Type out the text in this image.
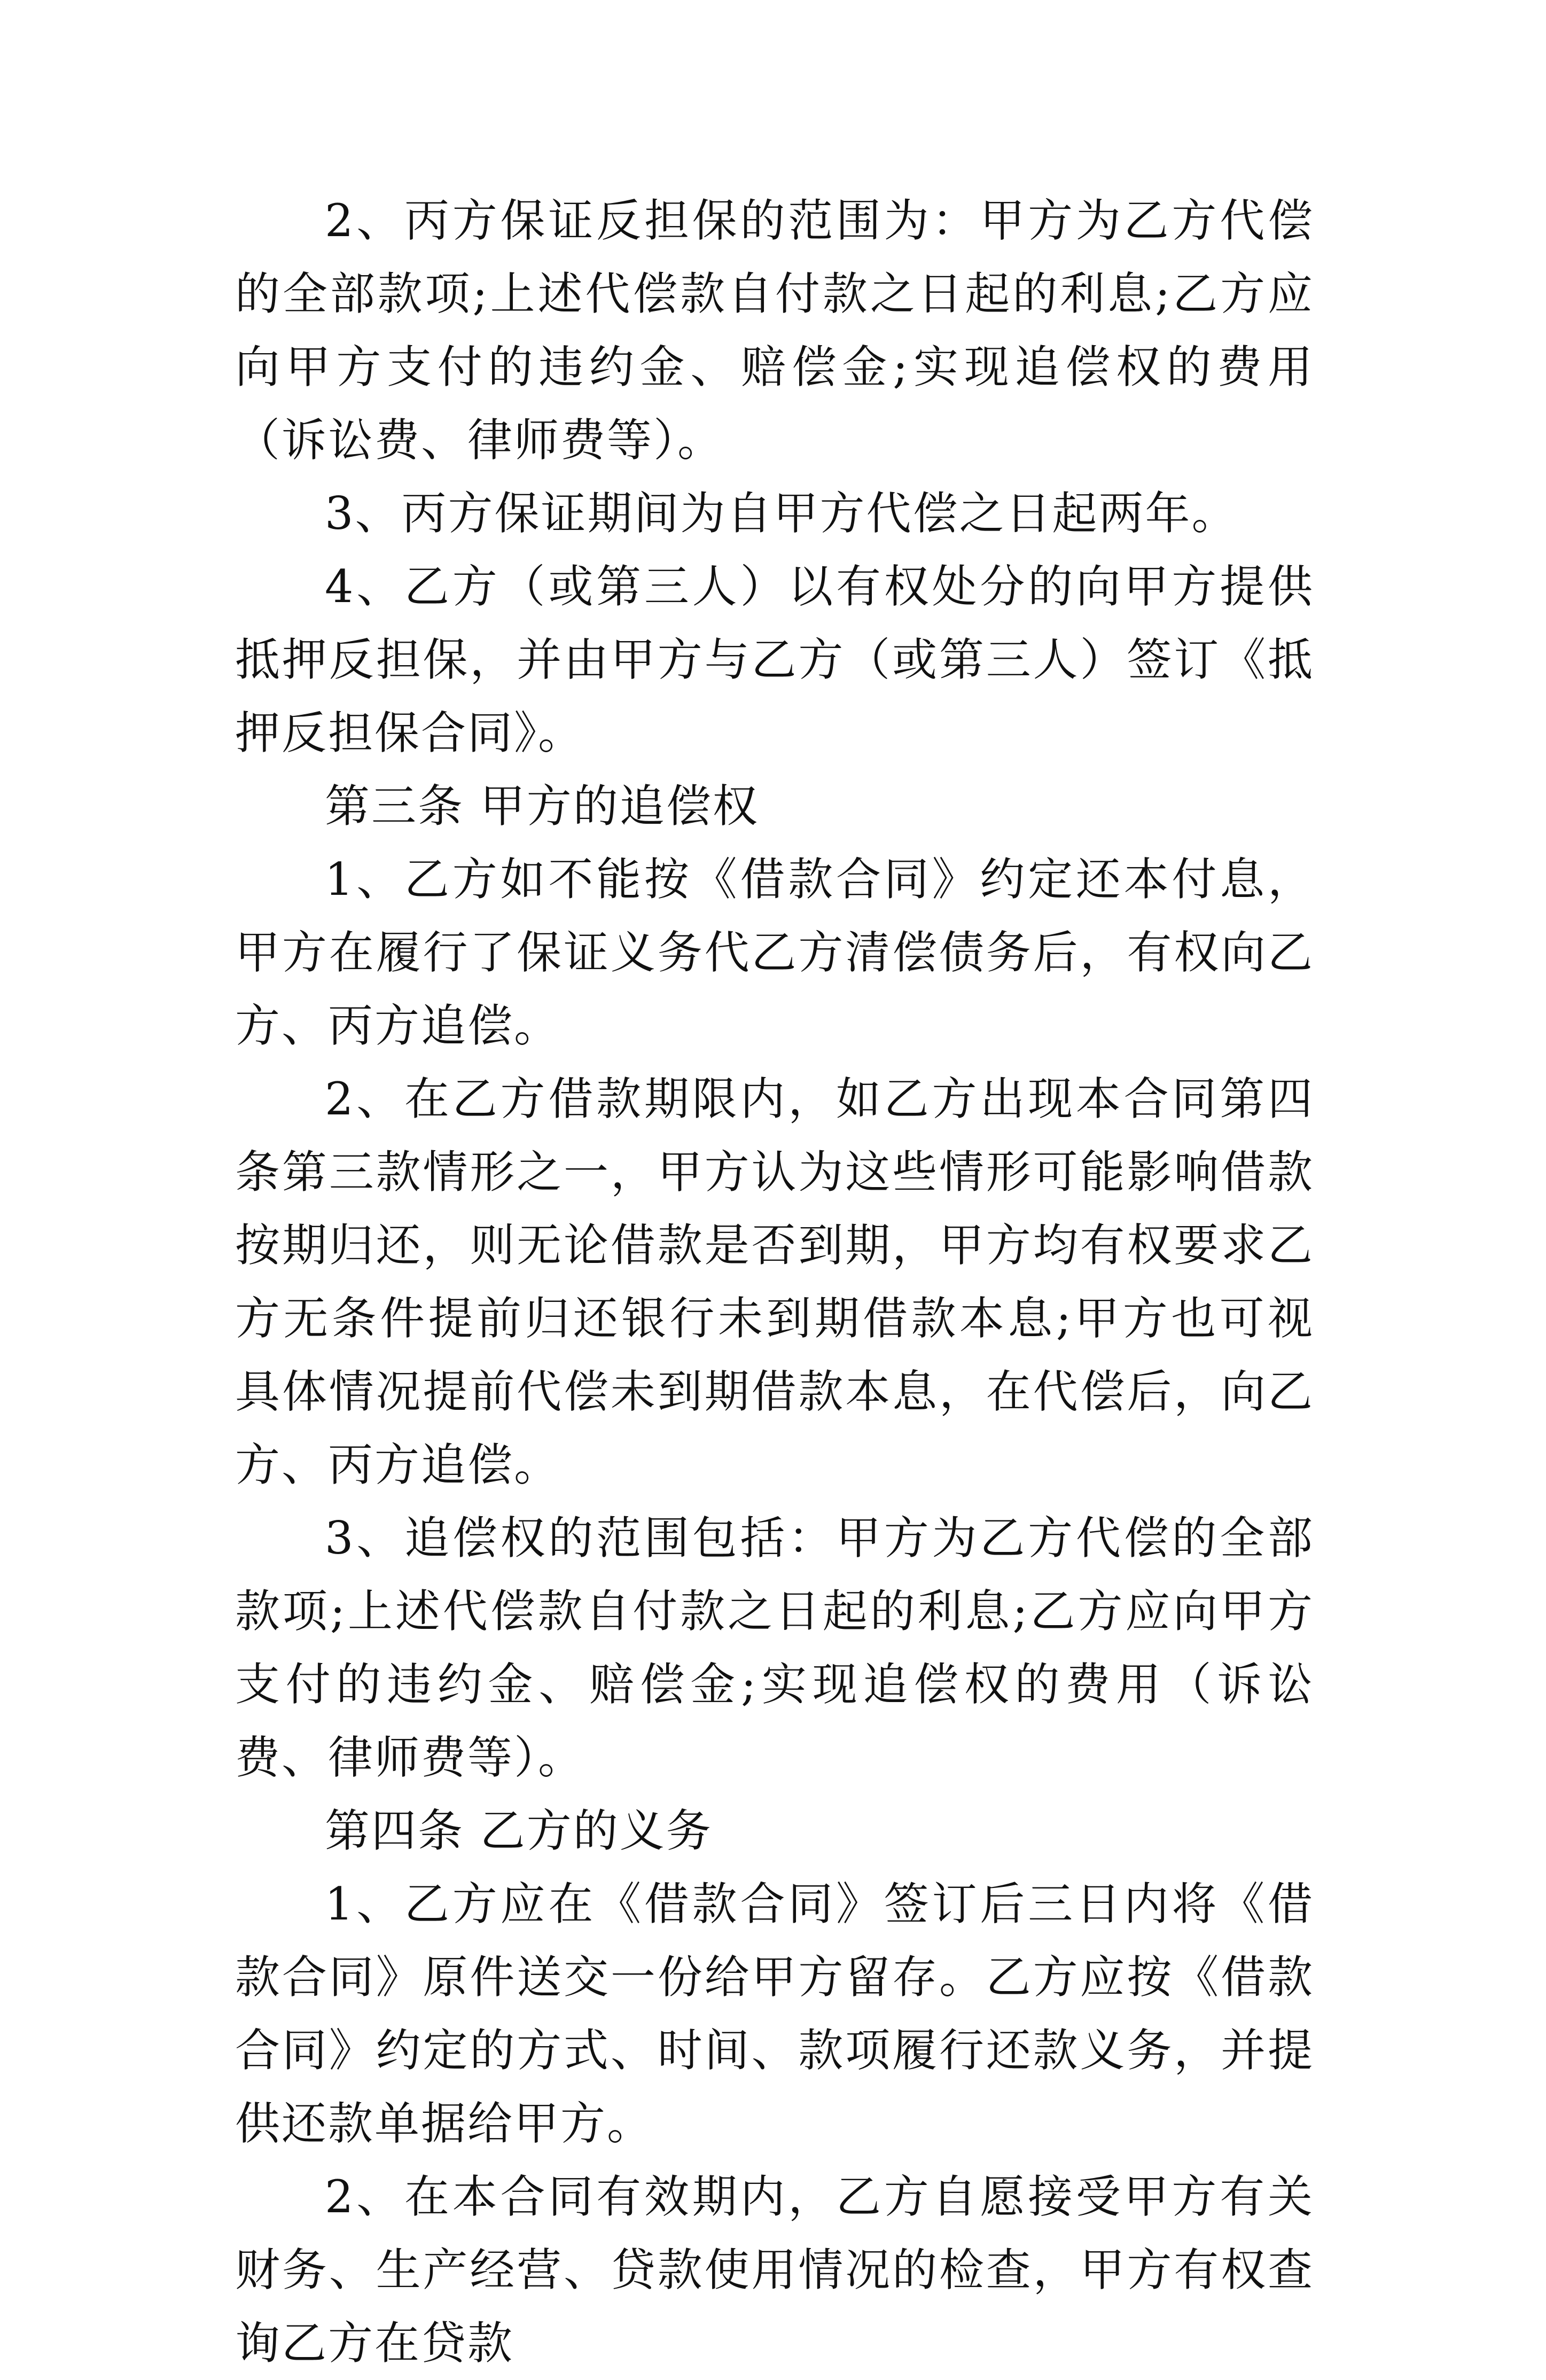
2、丙方保证反担保的范围为：甲方为乙方代偿的全部款项;上述代偿款自付款之日起的利息;乙方应向甲方支付的违约金、赔偿金;实现追偿权的费用（诉讼费、律师费等）。

3、丙方保证期间为自甲方代偿之日起两年。

4、乙方（或第三人）以有权处分的向甲方提供抵押反担保，并由甲方与乙方（或第三人）签订《抵押反担保合同》。

第三条 甲方的追偿权

1、乙方如不能按《借款合同》约定还本付息，甲方在履行了保证义务代乙方清偿债务后，有权向乙方、丙方追偿。

2、在乙方借款期限内，如乙方出现本合同第四条第三款情形之一，甲方认为这些情形可能影响借款按期归还，则无论借款是否到期，甲方均有权要求乙方无条件提前归还银行未到期借款本息;甲方也可视具体情况提前代偿未到期借款本息，在代偿后，向乙方、丙方追偿。

3、追偿权的范围包括：甲方为乙方代偿的全部款项;上述代偿款自付款之日起的利息;乙方应向甲方支付的违约金、赔偿金;实现追偿权的费用（诉讼费、律师费等）。

第四条 乙方的义务

1、乙方应在《借款合同》签订后三日内将《借款合同》原件送交一份给甲方留存。乙方应按《借款合同》约定的方式、时间、款项履行还款义务，并提供还款单据给甲方。

2、在本合同有效期内，乙方自愿接受甲方有关财务、生产经营、贷款使用情况的检查，甲方有权查询乙方在贷款
